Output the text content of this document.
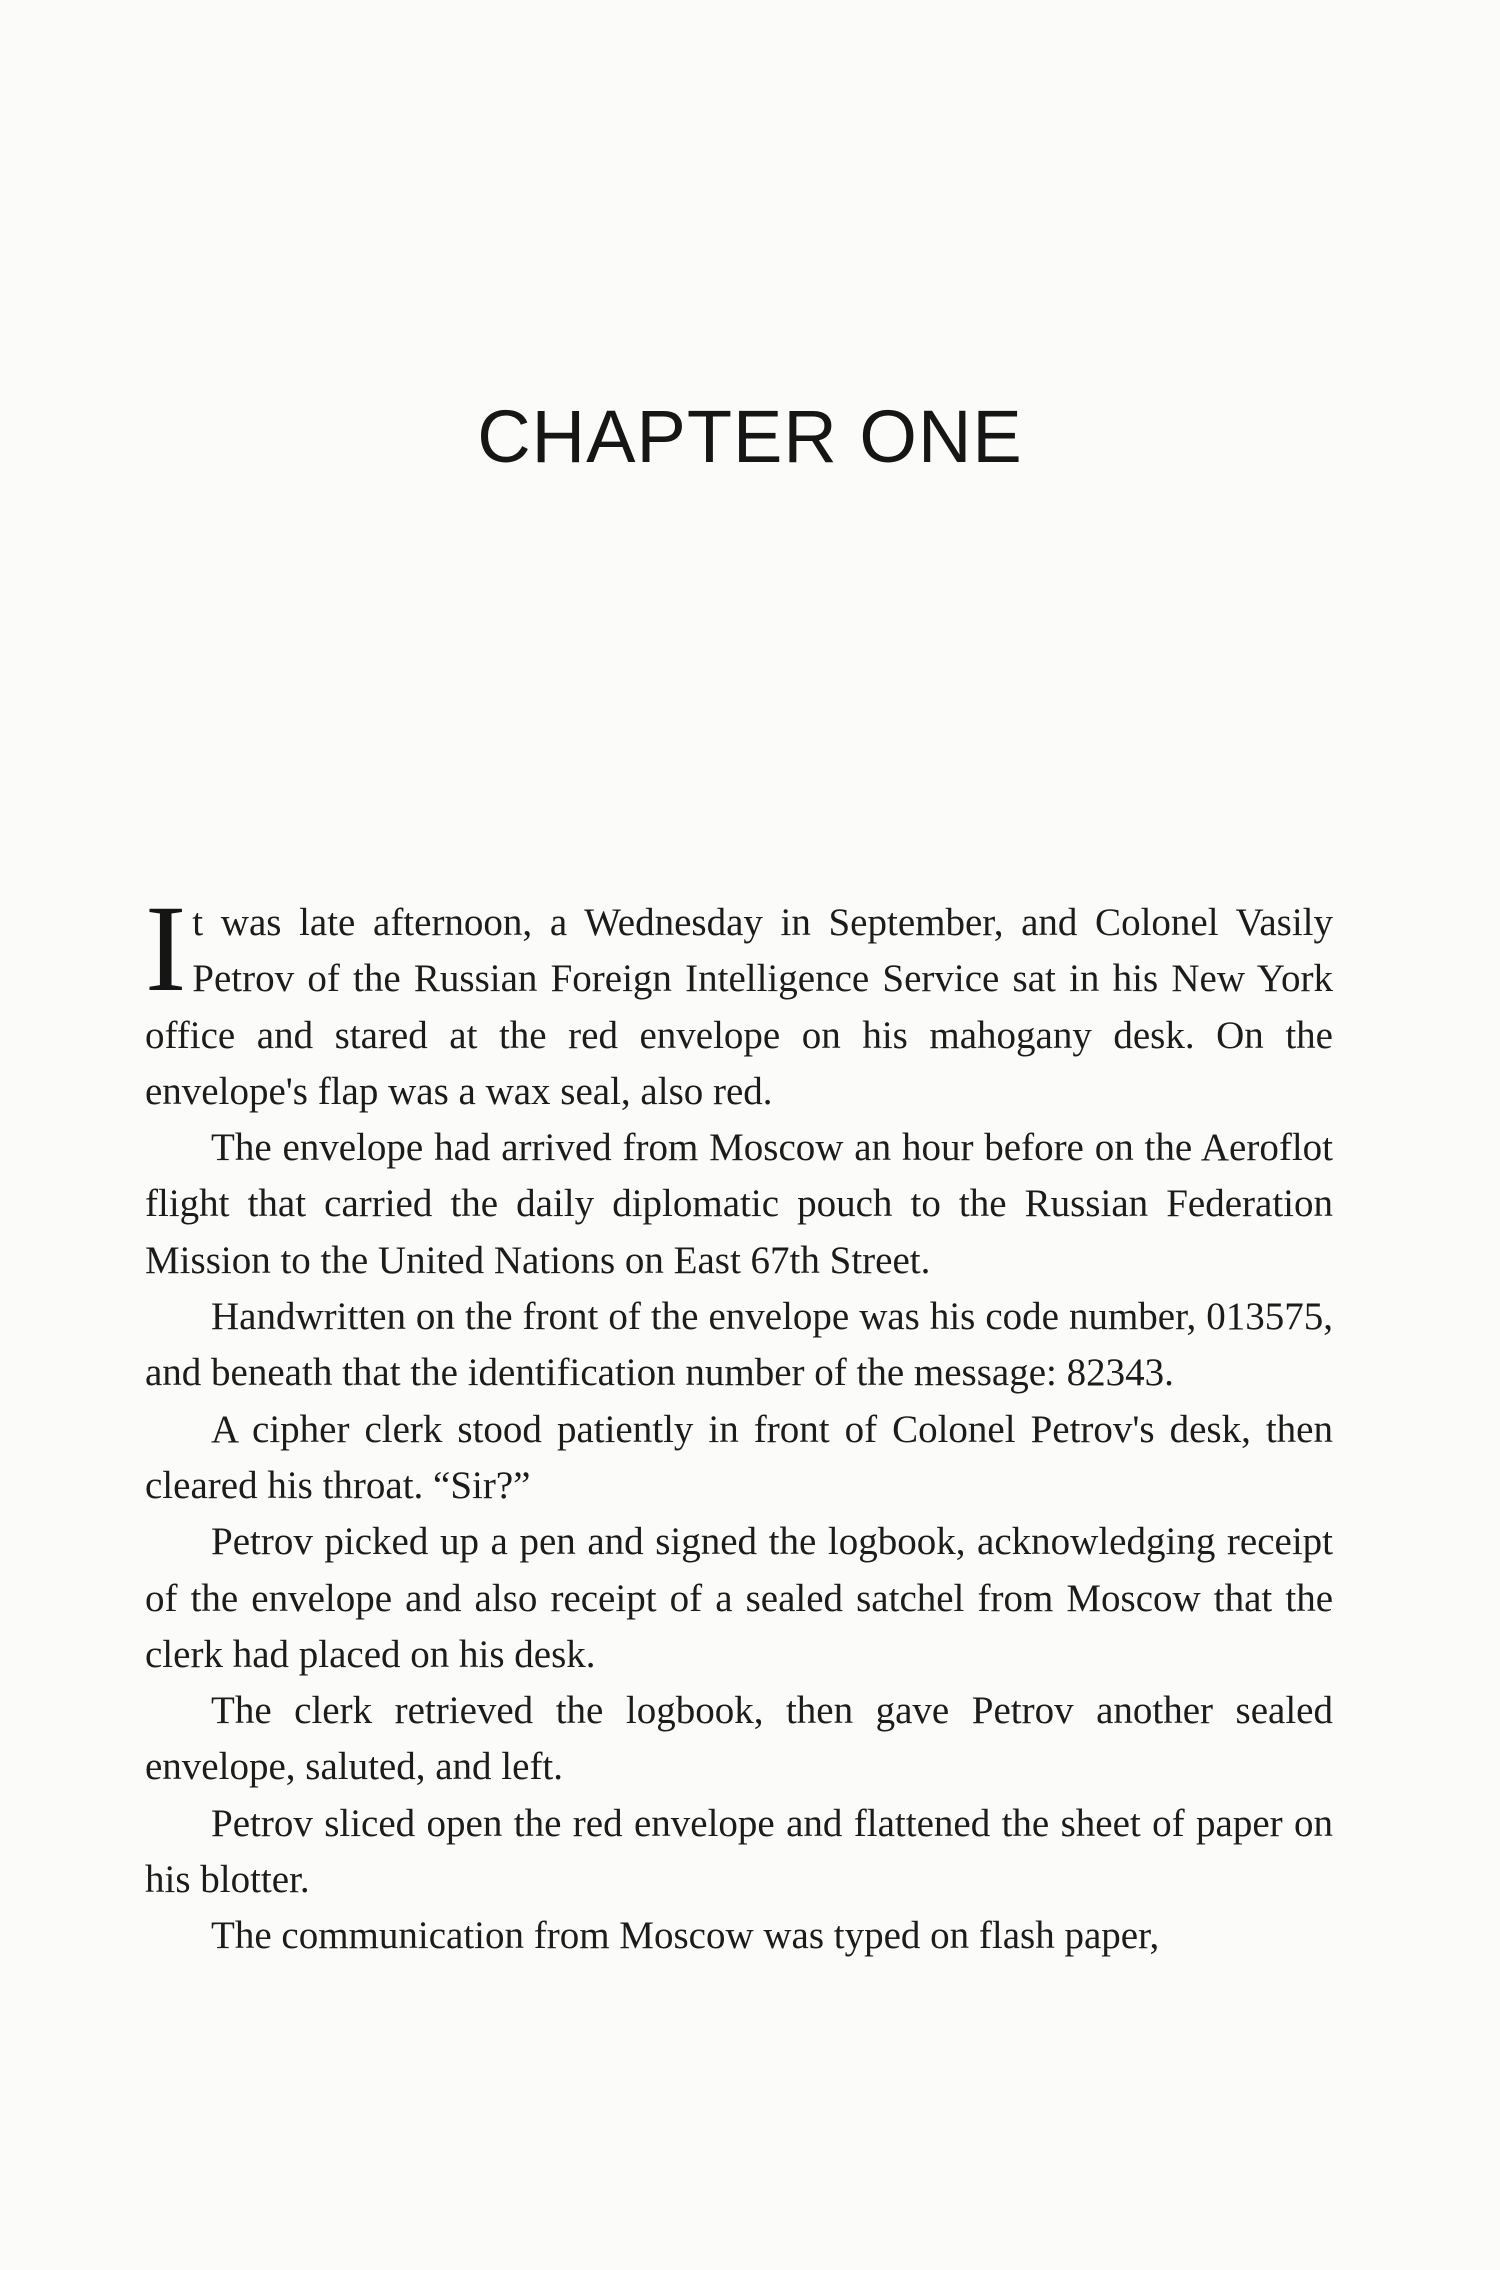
CHAPTER ONE

It was late afternoon, a Wednesday in September, and Colonel Vasily Petrov of the Russian Foreign Intelligence Service sat in his New York office and stared at the red envelope on his mahogany desk. On the envelope's flap was a wax seal, also red.

The envelope had arrived from Moscow an hour before on the Aeroflot flight that carried the daily diplomatic pouch to the Russian Federation Mission to the United Nations on East 67th Street.

Handwritten on the front of the envelope was his code number, 013575, and beneath that the identification number of the message: 82343.

A cipher clerk stood patiently in front of Colonel Petrov's desk, then cleared his throat. “Sir?”

Petrov picked up a pen and signed the logbook, acknowledging receipt of the envelope and also receipt of a sealed satchel from Moscow that the clerk had placed on his desk.

The clerk retrieved the logbook, then gave Petrov another sealed envelope, saluted, and left.

Petrov sliced open the red envelope and flattened the sheet of paper on his blotter.

The communication from Moscow was typed on flash paper,
